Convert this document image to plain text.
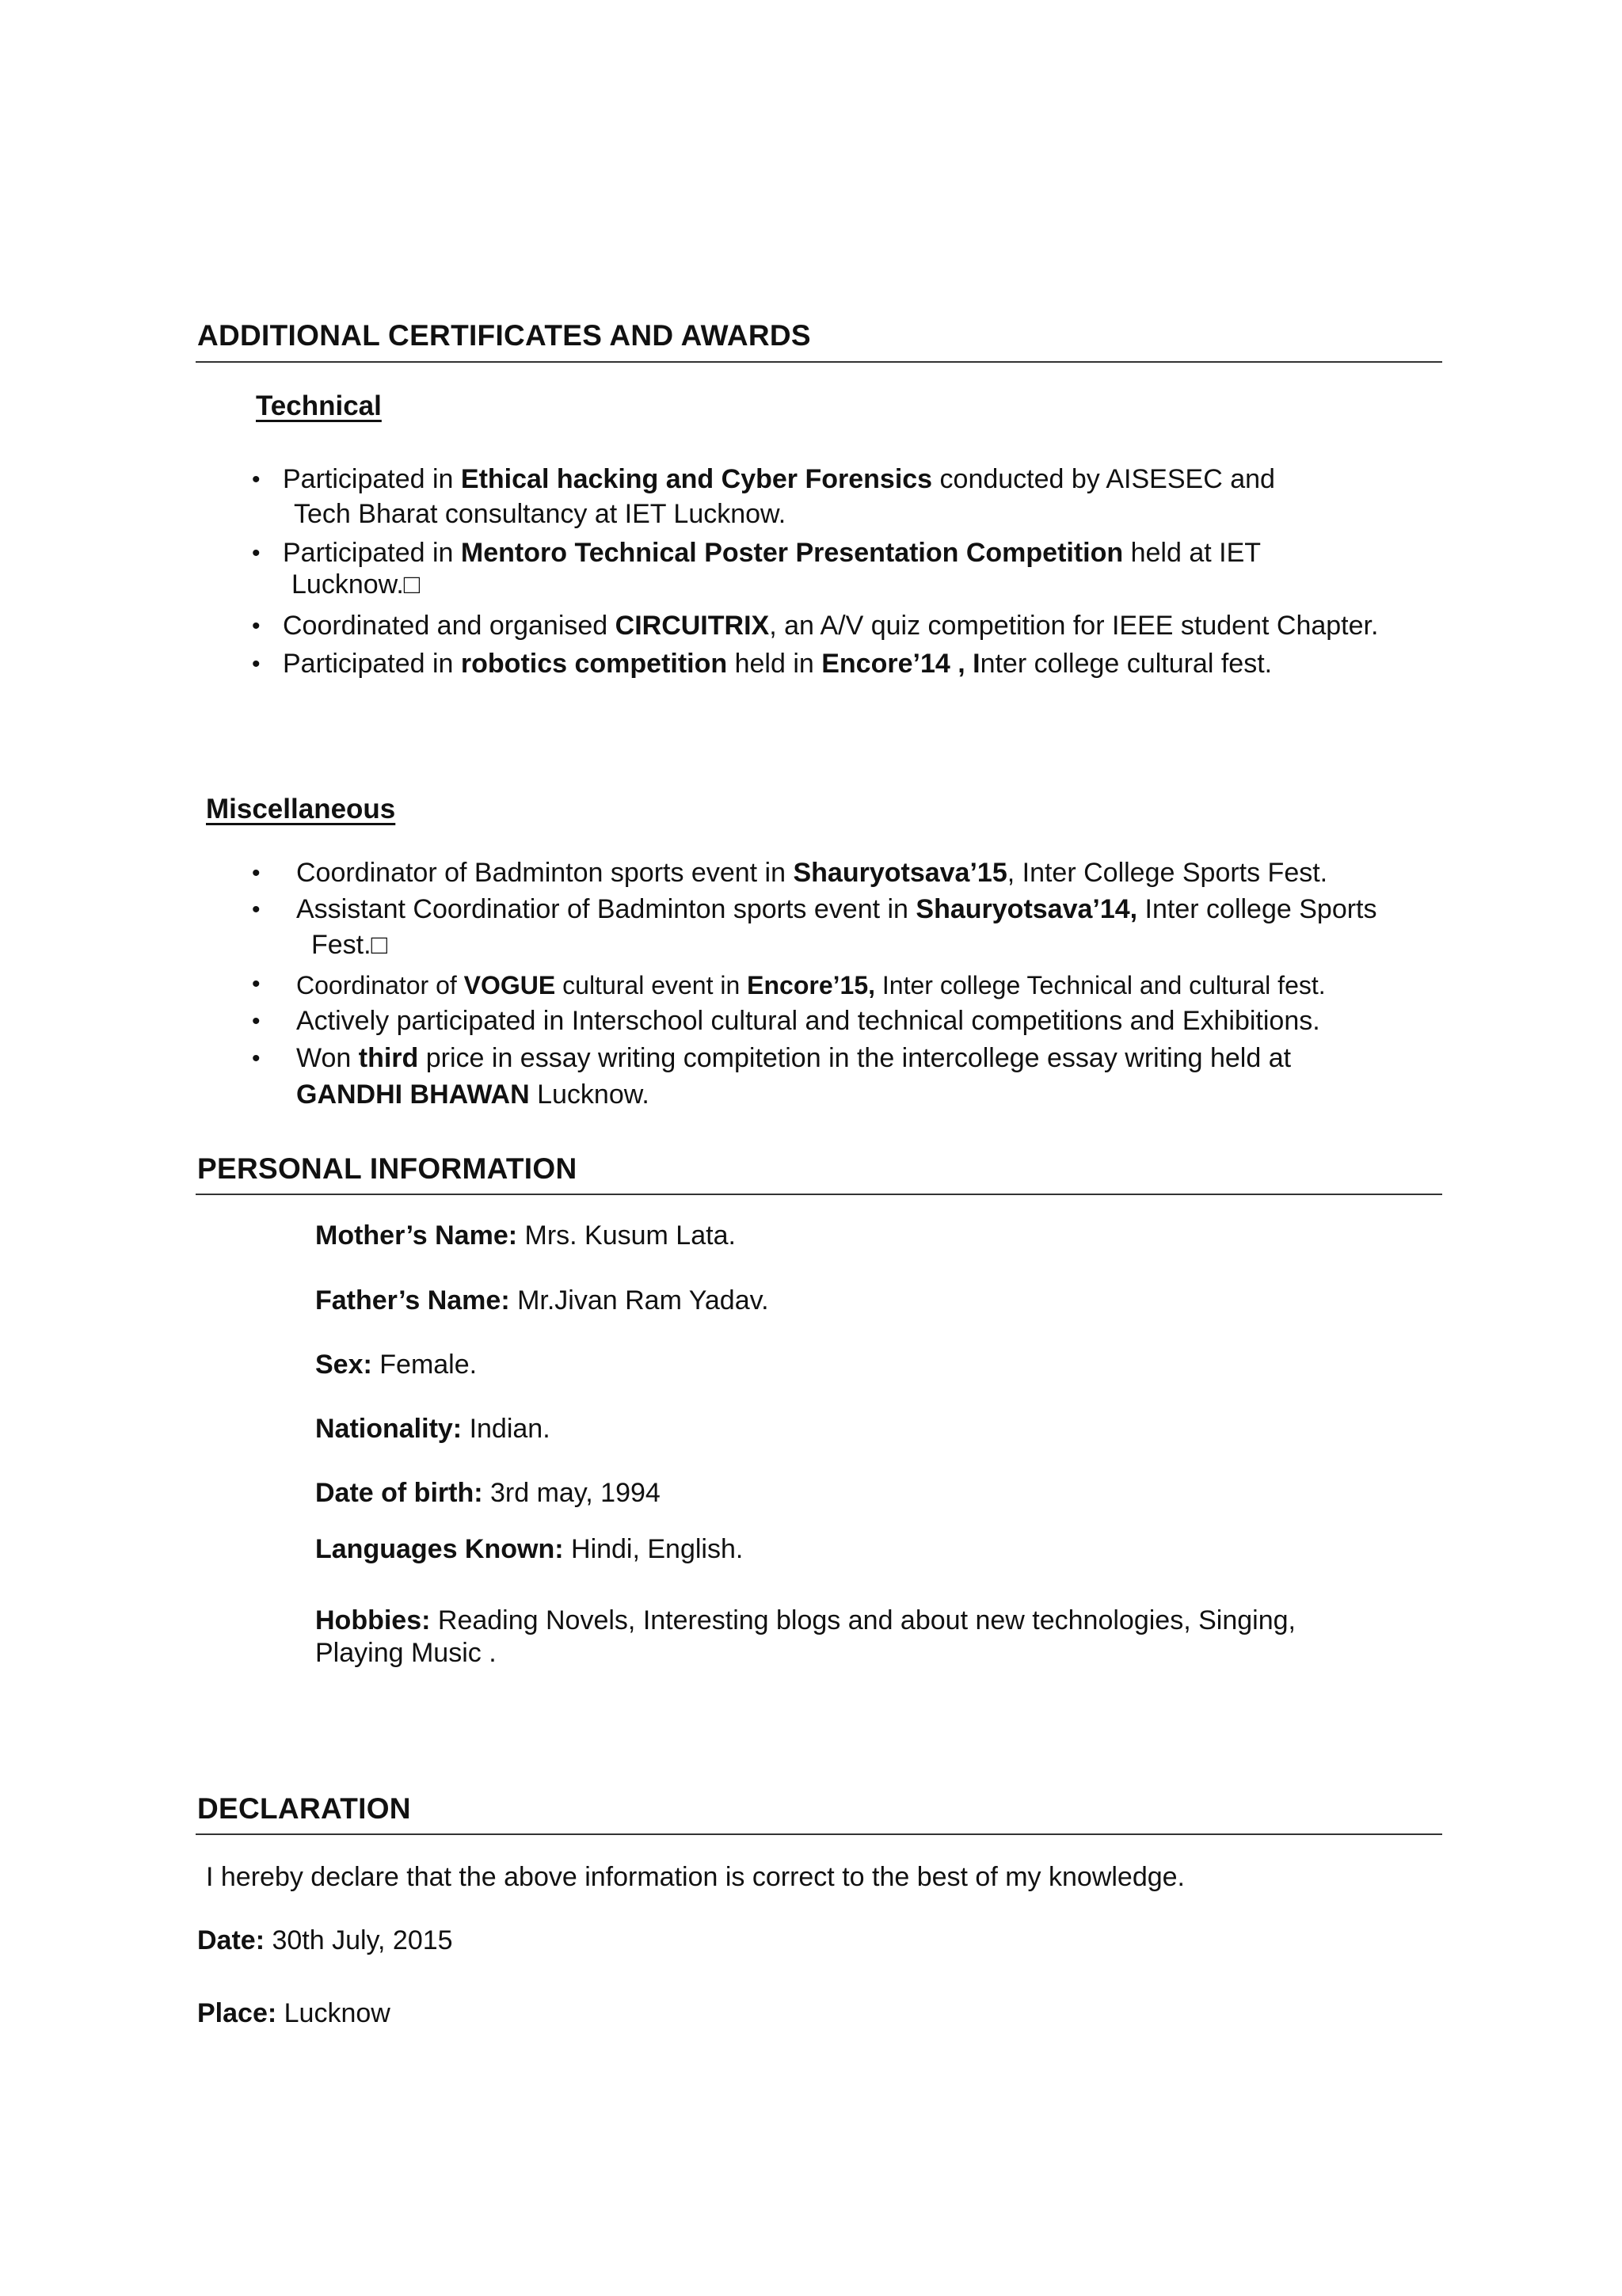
ADDITIONAL CERTIFICATES AND AWARDS
Technical
• Participated in Ethical hacking and Cyber Forensics conducted by AISESEC and
Tech Bharat consultancy at IET Lucknow.
• Participated in Mentoro Technical Poster Presentation Competition held at IET
Lucknow.□
• Coordinated and organised CIRCUITRIX, an A/V quiz competition for IEEE student Chapter.
• Participated in robotics competition held in Encore’14 , Inter college cultural fest.
Miscellaneous
• Coordinator of Badminton sports event in Shauryotsava’15, Inter College Sports Fest.
• Assistant Coordinatior of Badminton sports event in Shauryotsava’14, Inter college Sports
Fest.□
• Coordinator of VOGUE cultural event in Encore’15, Inter college Technical and cultural fest.
• Actively participated in Interschool cultural and technical competitions and Exhibitions.
• Won third price in essay writing compitetion in the intercollege essay writing held at
GANDHI BHAWAN Lucknow.
PERSONAL INFORMATION
Mother’s Name: Mrs. Kusum Lata.
Father’s Name: Mr.Jivan Ram Yadav.
Sex: Female.
Nationality: Indian.
Date of birth: 3rd may, 1994
Languages Known: Hindi, English.
Hobbies: Reading Novels, Interesting blogs and about new technologies, Singing,
Playing Music .
DECLARATION
I hereby declare that the above information is correct to the best of my knowledge.
Date: 30th July, 2015
Place: Lucknow
